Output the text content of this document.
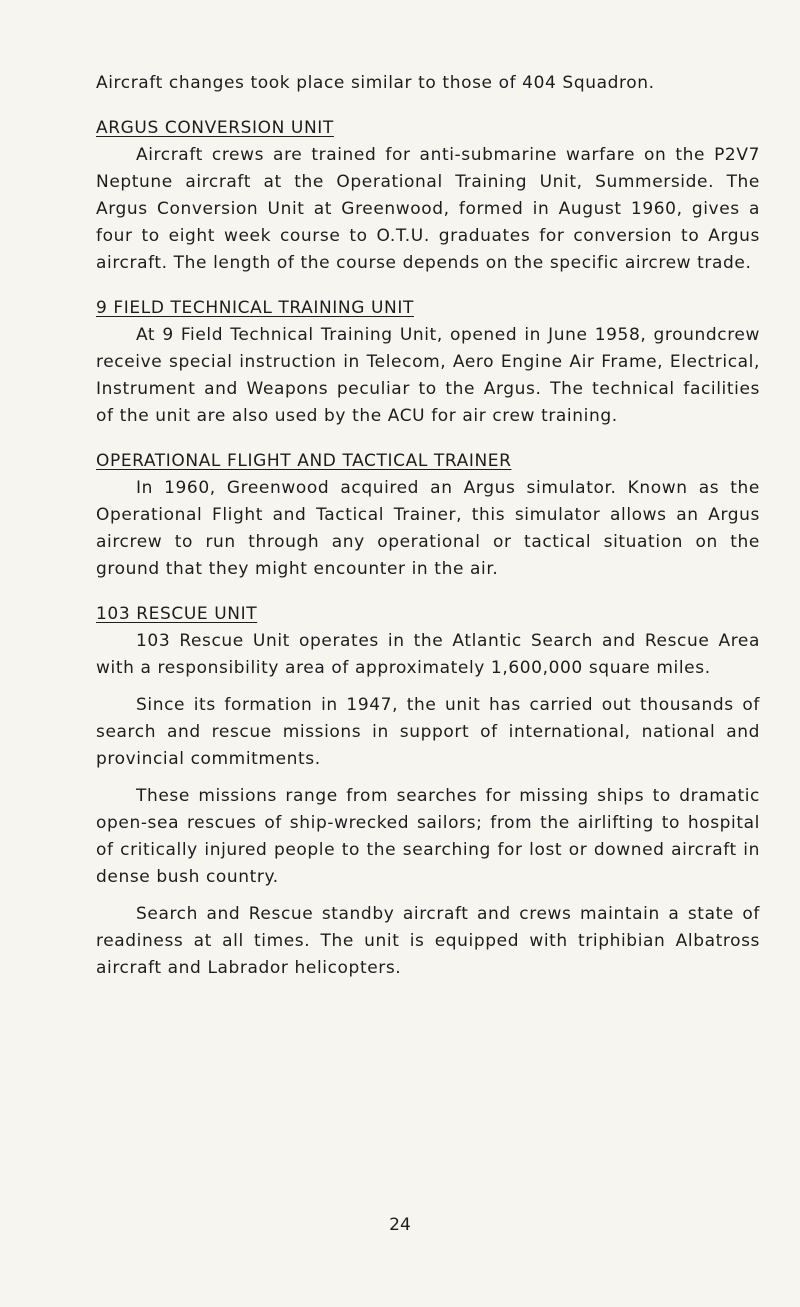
Aircraft changes took place similar to those of 404 Squadron.

ARGUS CONVERSION UNIT

Aircraft crews are trained for anti-submarine warfare on the P2V7 Neptune aircraft at the Operational Training Unit, Summerside. The Argus Conversion Unit at Greenwood, formed in August 1960, gives a four to eight week course to O.T.U. graduates for conversion to Argus aircraft. The length of the course depends on the specific aircrew trade.

9 FIELD TECHNICAL TRAINING UNIT

At 9 Field Technical Training Unit, opened in June 1958, groundcrew receive special instruction in Telecom, Aero Engine Air Frame, Electrical, Instrument and Weapons peculiar to the Argus. The technical facilities of the unit are also used by the ACU for air crew training.

OPERATIONAL FLIGHT AND TACTICAL TRAINER

In 1960, Greenwood acquired an Argus simulator. Known as the Operational Flight and Tactical Trainer, this simulator allows an Argus aircrew to run through any operational or tactical situation on the ground that they might encounter in the air.

103 RESCUE UNIT

103 Rescue Unit operates in the Atlantic Search and Rescue Area with a responsibility area of approximately 1,600,000 square miles.

Since its formation in 1947, the unit has carried out thousands of search and rescue missions in support of international, national and provincial commitments.

These missions range from searches for missing ships to dramatic open-sea rescues of ship-wrecked sailors; from the airlifting to hospital of critically injured people to the searching for lost or downed aircraft in dense bush country.

Search and Rescue standby aircraft and crews maintain a state of readiness at all times. The unit is equipped with triphibian Albatross aircraft and Labrador helicopters.

24
